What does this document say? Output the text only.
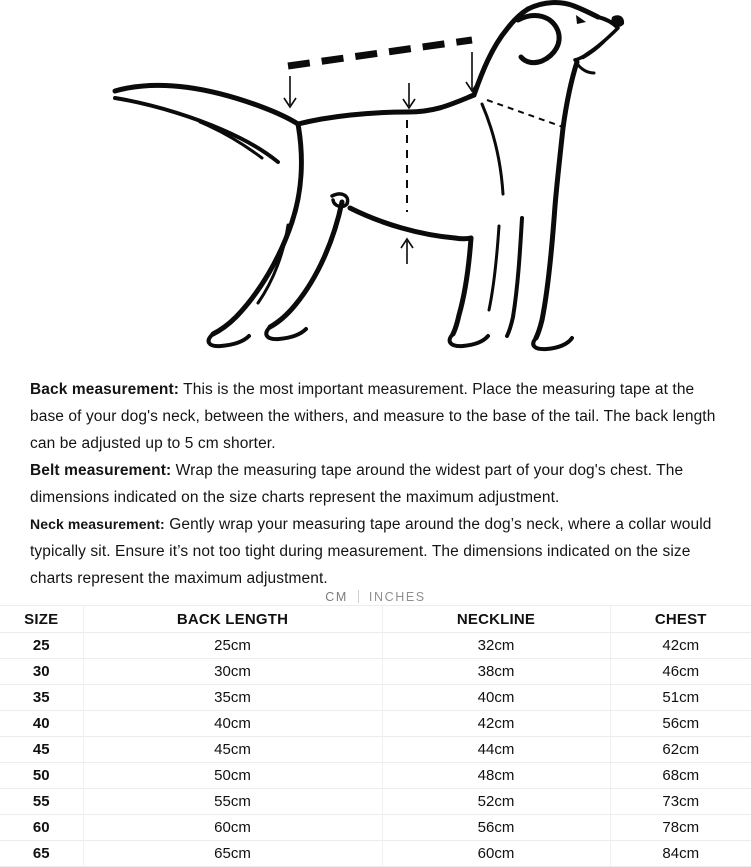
Back measurement: This is the most important measurement. Place the measuring tape at the base of your dog's neck, between the withers, and measure to the base of the tail. The back length can be adjusted up to 5 cm shorter.

Belt measurement: Wrap the measuring tape around the widest part of your dog's chest. The dimensions indicated on the size charts represent the maximum adjustment.

Neck measurement: Gently wrap your measuring tape around the dog’s neck, where a collar would typically sit. Ensure it’s not too tight during measurement. The dimensions indicated on the size charts represent the maximum adjustment.

CM INCHES
SIZE	BACK LENGTH	NECKLINE	CHEST
25	25cm	32cm	42cm
30	30cm	38cm	46cm
35	35cm	40cm	51cm
40	40cm	42cm	56cm
45	45cm	44cm	62cm
50	50cm	48cm	68cm
55	55cm	52cm	73cm
60	60cm	56cm	78cm
65	65cm	60cm	84cm
